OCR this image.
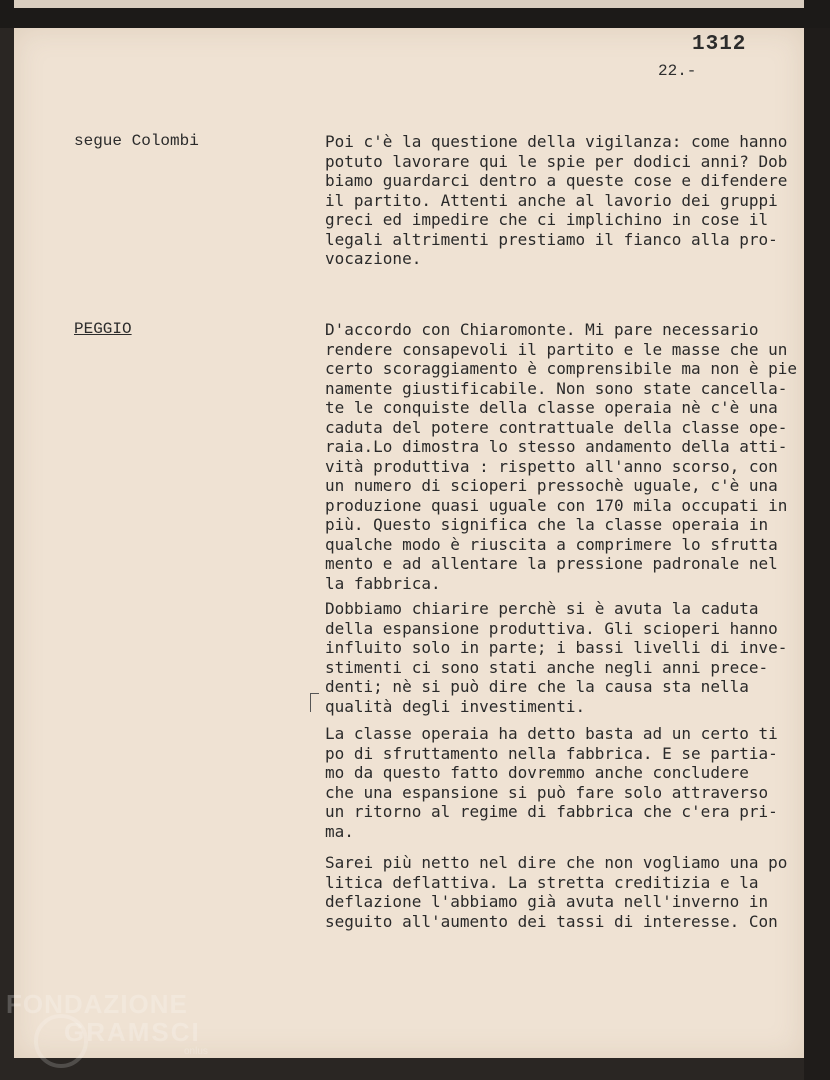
1312
22.-
segue Colombi	Poi c'è la questione della vigilanza: come hanno
potuto lavorare qui le spie per dodici anni? Dob
biamo guardarci dentro a queste cose e difendere
il partito. Attenti anche al lavorio dei gruppi
greci ed impedire che ci implichino in cose il
legali altrimenti prestiamo il fianco alla pro-
vocazione.
PEGGIO	D'accordo con Chiaromonte. Mi pare necessario
rendere consapevoli il partito e le masse che un
certo scoraggiamento è comprensibile ma non è
namente giustificabile. Non sono state cancella-
te le conquiste della classe operaia nè c'è una
caduta del potere contrattuale della classe ope-
raia.Lo dimostra lo stesso andamento della atti-
vità produttiva : rispetto all'anno scorso, con
un numero di scioperi pressochè uguale, c'è una
produzione quasi uguale con 170 mila occupati in
più. Questo significa che la classe operaia in
qualche modo è riuscita a comprimere lo sfrutta
mento e ad allentare la pressione padronale nel
la fabbrica.
Dobbiamo chiarire perchè si è avuta la caduta
della espansione produttiva. Gli scioperi hanno
influito solo in parte; i bassi livelli di inve-
stimenti ci sono stati anche negli anni prece-
denti; nè si può dire che la causa sta nella
qualità degli investimenti.
La classe operaia ha detto basta ad un certo ti
po di sfruttamento nella fabbrica. E se partia-
mo da questo fatto dovremmo anche concludere
che una espansione si può fare solo attraverso
un ritorno al regime di fabbrica che c'era pri-
ma.
Sarei più netto nel dire che non vogliamo una po
litica deflattiva. La stretta creditizia e la
deflazione l'abbiamo già avuta nell'inverno in
seguito all'aumento dei tassi di interesse. Con
FONDAZIONE
GRAMSCI
onlus
